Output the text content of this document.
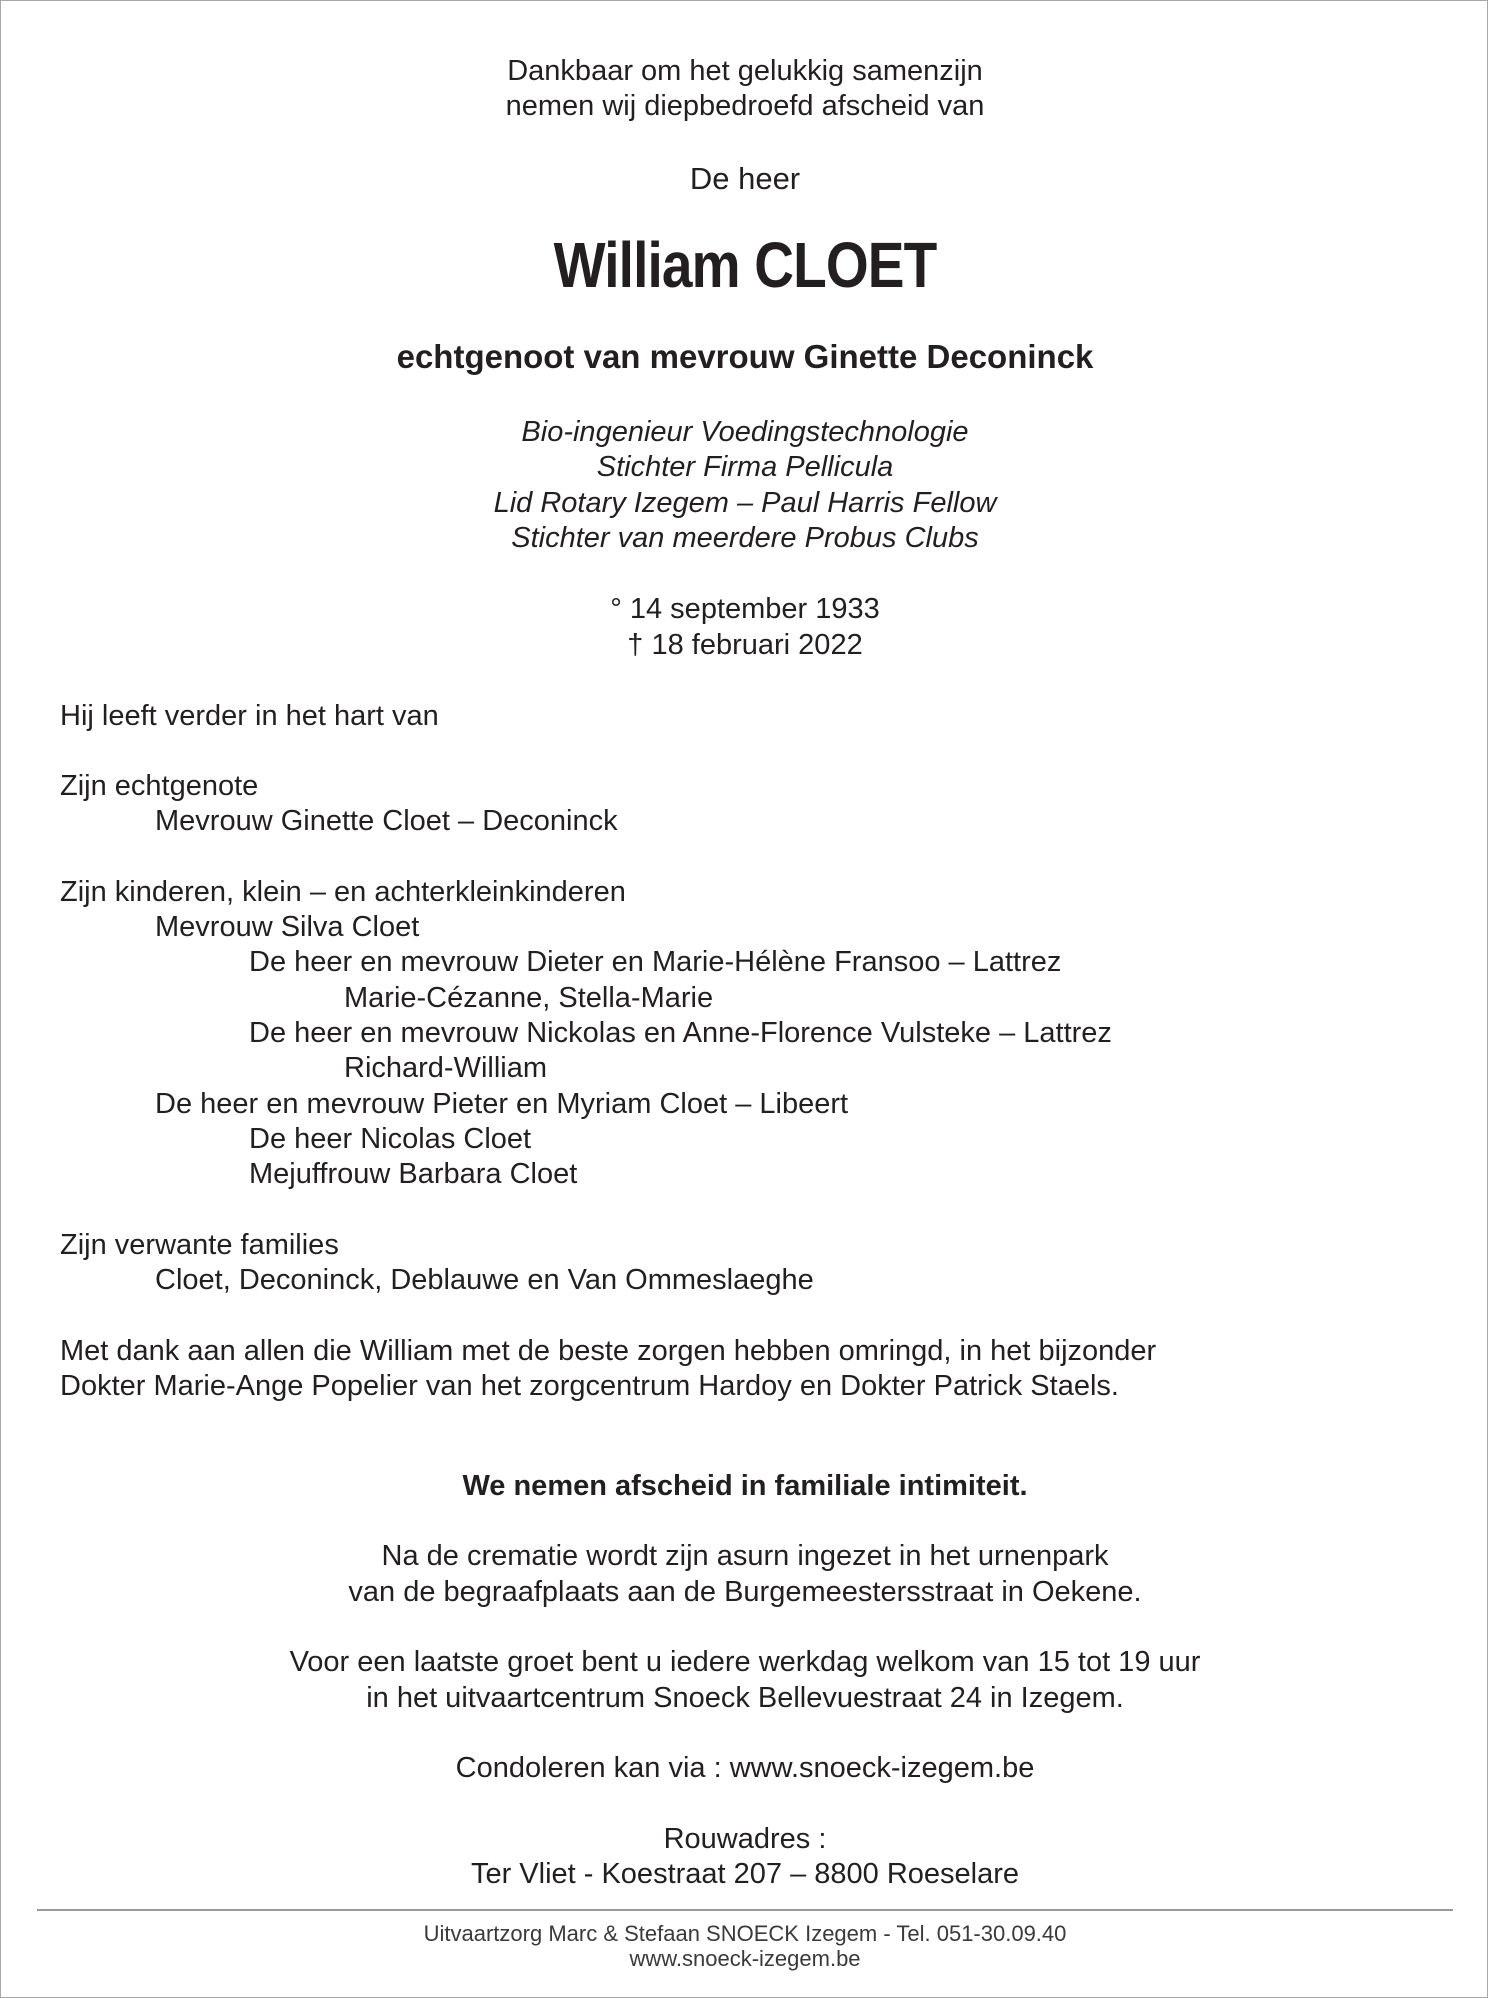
Dankbaar om het gelukkig samenzijn
nemen wij diepbedroefd afscheid van
De heer
William CLOET
echtgenoot van mevrouw Ginette Deconinck
Bio-ingenieur Voedingstechnologie
Stichter Firma Pellicula
Lid Rotary Izegem – Paul Harris Fellow
Stichter van meerdere Probus Clubs
° 14 september 1933
† 18 februari 2022
Hij leeft verder in het hart van
Zijn echtgenote
Mevrouw Ginette Cloet – Deconinck
Zijn kinderen, klein – en achterkleinkinderen
Mevrouw Silva Cloet
De heer en mevrouw Dieter en Marie-Hélène Fransoo – Lattrez
Marie-Cézanne, Stella-Marie
De heer en mevrouw Nickolas en Anne-Florence Vulsteke – Lattrez
Richard-William
De heer en mevrouw Pieter en Myriam Cloet – Libeert
De heer Nicolas Cloet
Mejuffrouw Barbara Cloet
Zijn verwante families
Cloet, Deconinck, Deblauwe en Van Ommeslaeghe
Met dank aan allen die William met de beste zorgen hebben omringd, in het bijzonder
Dokter Marie-Ange Popelier van het zorgcentrum Hardoy en Dokter Patrick Staels.
We nemen afscheid in familiale intimiteit.
Na de crematie wordt zijn asurn ingezet in het urnenpark
van de begraafplaats aan de Burgemeestersstraat in Oekene.
Voor een laatste groet bent u iedere werkdag welkom van 15 tot 19 uur
in het uitvaartcentrum Snoeck Bellevuestraat 24 in Izegem.
Condoleren kan via : www.snoeck-izegem.be
Rouwadres :
Ter Vliet - Koestraat 207 – 8800 Roeselare
Uitvaartzorg Marc & Stefaan SNOECK Izegem - Tel. 051-30.09.40
www.snoeck-izegem.be
